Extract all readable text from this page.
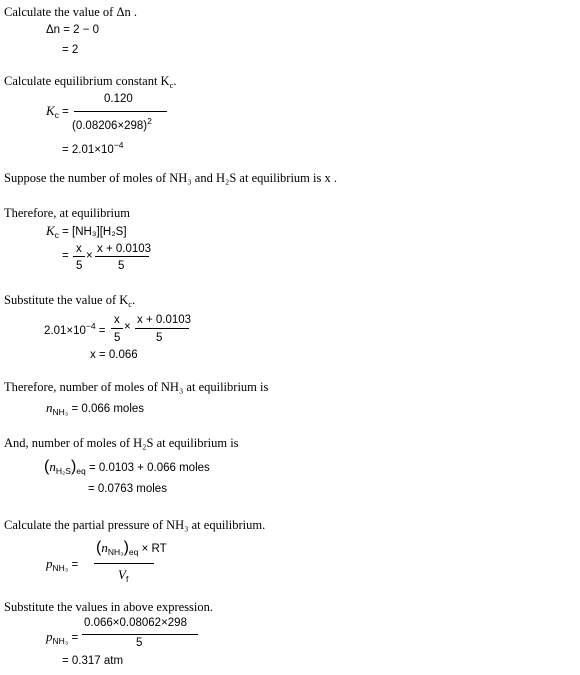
Calculate the value of Δn .
Δn = 2 − 0
= 2
Calculate equilibrium constant $K_c$.
$K_c$ =
0.120
$(0.08206\times 298)^2$
= $2.01\times 10^{-4}$
Suppose the number of moles of NH₃ and H₂S at equilibrium is x .
Therefore, at equilibrium
$K_c = [NH_3][H_2S]$
=
x
5
×
x + 0.0103
5
Substitute the value of $K_c$.
$2.01\times 10^{-4}$ =
x
5
×
x + 0.0103
5
x = 0.066
Therefore, number of moles of NH₃ at equilibrium is
$n_{NH_3} = 0.066$ moles
And, number of moles of H₂S at equilibrium is
$(n_{H_2S})_{eq} = 0.0103 + 0.066$ moles
= 0.0763 moles
Calculate the partial pressure of NH₃ at equilibrium.
$p_{NH_3}$ =
$(n_{NH_3})_{eq}$ × RT
$V_f$
Substitute the values in above expression.
$p_{NH_3}$ =
0.066×0.08062×298
5
= 0.317 atm
